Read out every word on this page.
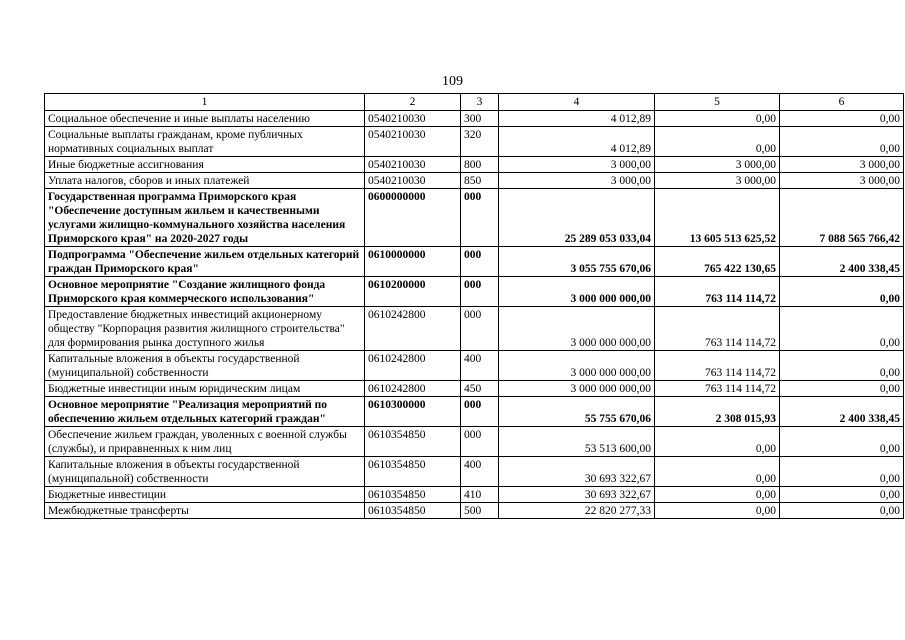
109
1	2	3	4	5	6
Социальное обеспечение и иные выплаты населению	0540210030	300	4 012,89	0,00	0,00
Социальные выплаты гражданам, кроме публичных нормативных социальных выплат	0540210030	320	4 012,89	0,00	0,00
Иные бюджетные ассигнования	0540210030	800	3 000,00	3 000,00	3 000,00
Уплата налогов, сборов и иных платежей	0540210030	850	3 000,00	3 000,00	3 000,00
Государственная программа Приморского края "Обеспечение доступным жильем и качественными услугами жилищно-коммунального хозяйства населения Приморского края" на 2020-2027 годы	0600000000	000	25 289 053 033,04	13 605 513 625,52	7 088 565 766,42
Подпрограмма "Обеспечение жильем отдельных категорий граждан Приморского края"	0610000000	000	3 055 755 670,06	765 422 130,65	2 400 338,45
Основное мероприятие "Создание жилищного фонда Приморского края коммерческого использования"	0610200000	000	3 000 000 000,00	763 114 114,72	0,00
Предоставление бюджетных инвестиций акционерному обществу "Корпорация развития жилищного строительства" для формирования рынка доступного жилья	0610242800	000	3 000 000 000,00	763 114 114,72	0,00
Капитальные вложения в объекты государственной (муниципальной) собственности	0610242800	400	3 000 000 000,00	763 114 114,72	0,00
Бюджетные инвестиции иным юридическим лицам	0610242800	450	3 000 000 000,00	763 114 114,72	0,00
Основное мероприятие "Реализация мероприятий по обеспечению жильем отдельных категорий граждан"	0610300000	000	55 755 670,06	2 308 015,93	2 400 338,45
Обеспечение жильем граждан, уволенных с военной службы (службы), и приравненных к ним лиц	0610354850	000	53 513 600,00	0,00	0,00
Капитальные вложения в объекты государственной (муниципальной) собственности	0610354850	400	30 693 322,67	0,00	0,00
Бюджетные инвестиции	0610354850	410	30 693 322,67	0,00	0,00
Межбюджетные трансферты	0610354850	500	22 820 277,33	0,00	0,00
